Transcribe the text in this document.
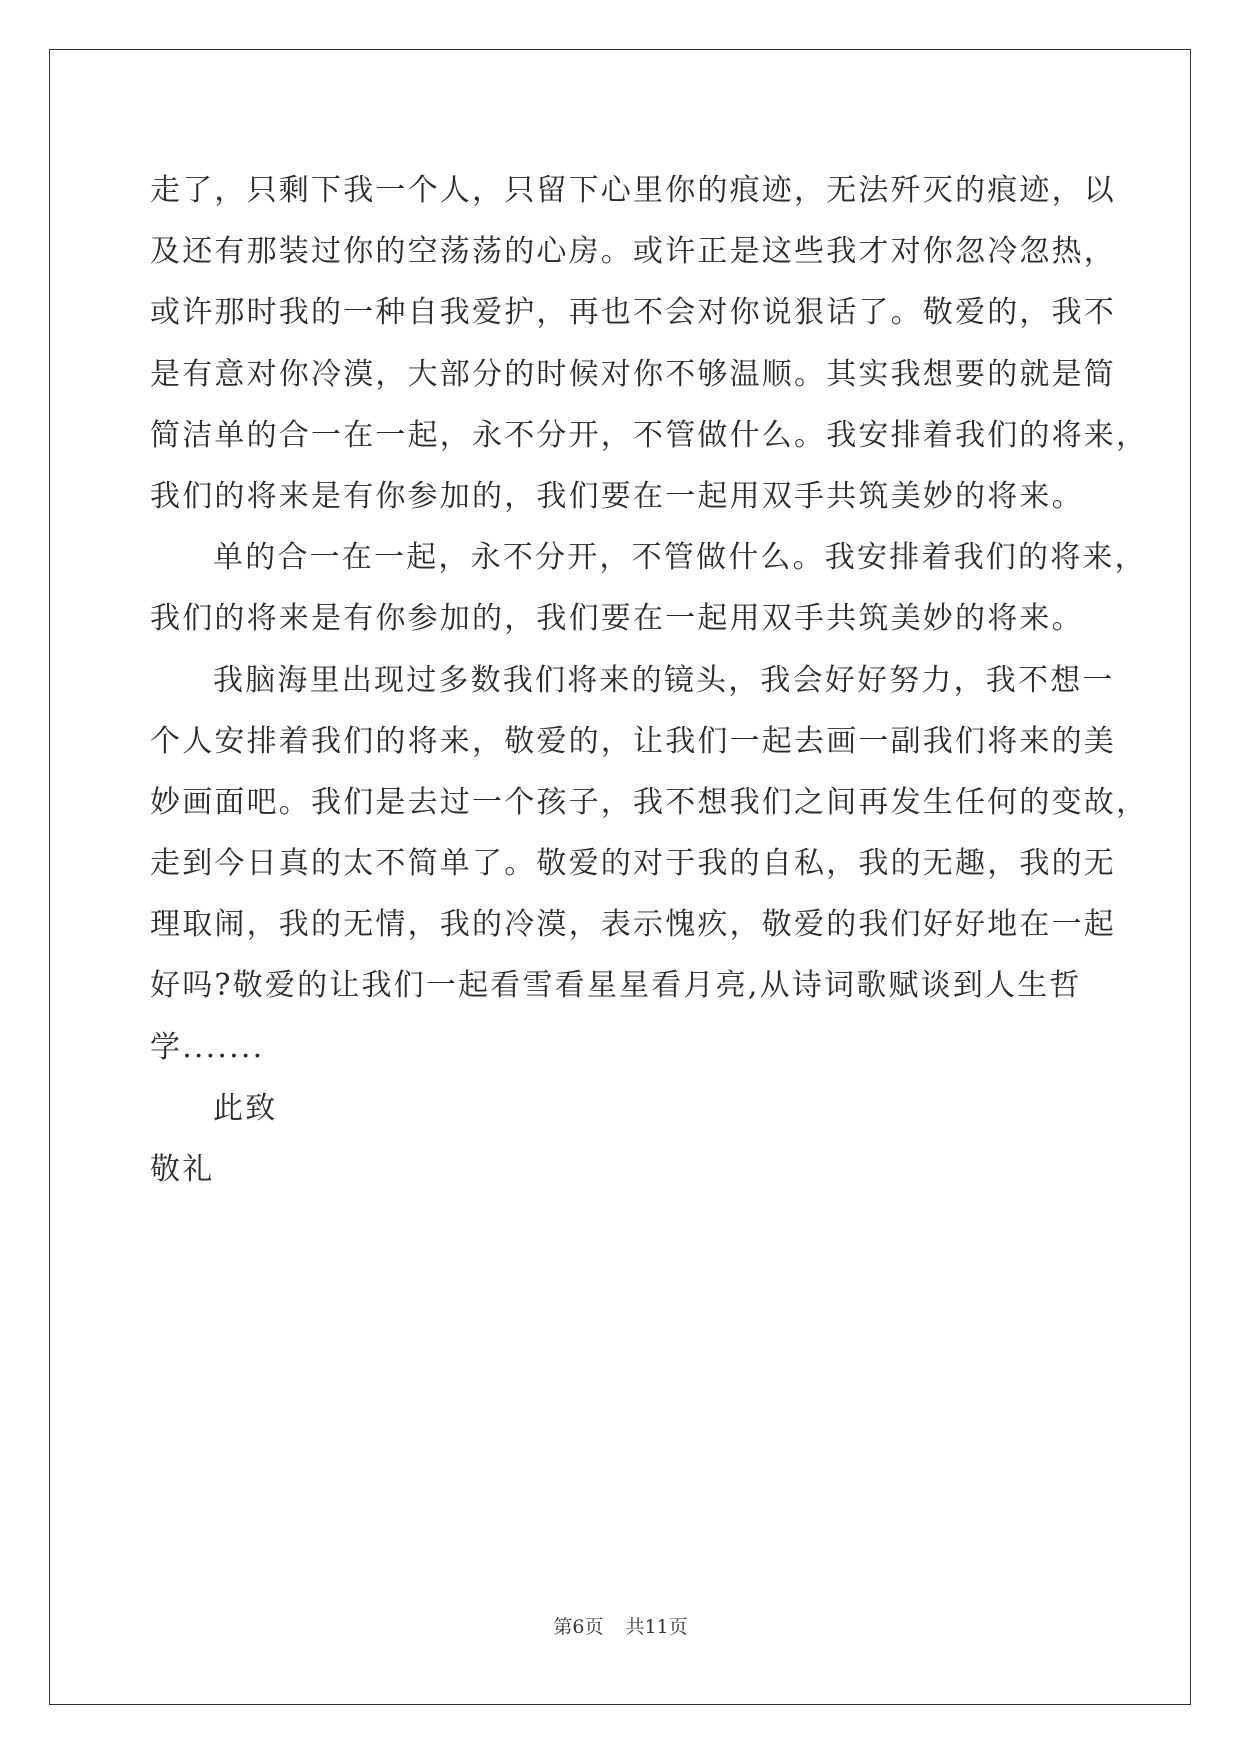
走了，只剩下我一个人，只留下心里你的痕迹，无法歼灭的痕迹，以
及还有那装过你的空荡荡的心房。或许正是这些我才对你忽冷忽热，
或许那时我的一种自我爱护，再也不会对你说狠话了。敬爱的，我不
是有意对你冷漠，大部分的时候对你不够温顺。其实我想要的就是简
简洁单的合一在一起，永不分开，不管做什么。我安排着我们的将来，
我们的将来是有你参加的，我们要在一起用双手共筑美妙的将来。
单的合一在一起，永不分开，不管做什么。我安排着我们的将来，
我们的将来是有你参加的，我们要在一起用双手共筑美妙的将来。
我脑海里出现过多数我们将来的镜头，我会好好努力，我不想一
个人安排着我们的将来，敬爱的，让我们一起去画一副我们将来的美
妙画面吧。我们是去过一个孩子，我不想我们之间再发生任何的变故，
走到今日真的太不简单了。敬爱的对于我的自私，我的无趣，我的无
理取闹，我的无情，我的冷漠，表示愧疚，敬爱的我们好好地在一起
好吗?敬爱的让我们一起看雪看星星看月亮,从诗词歌赋谈到人生哲
学.......
此致
敬礼
第6页 共11页
